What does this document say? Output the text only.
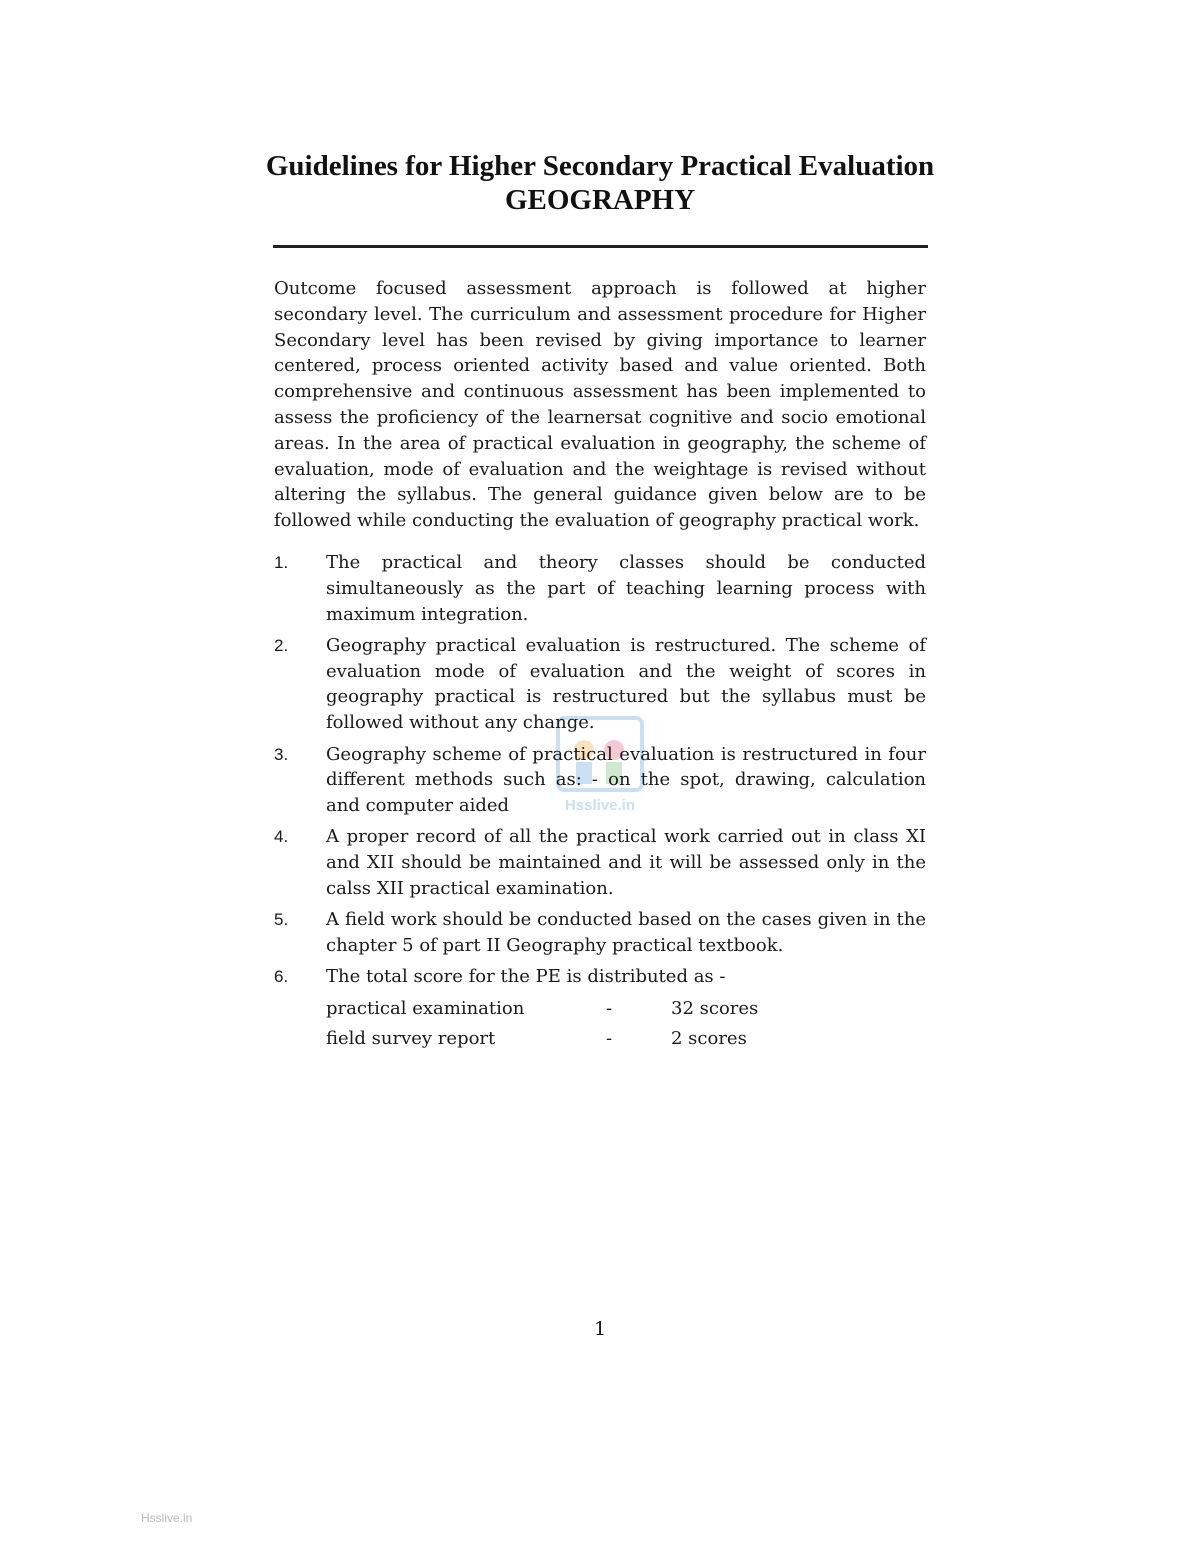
Guidelines for Higher Secondary Practical Evaluation
GEOGRAPHY
Outcome focused assessment approach is followed at higher secondary level. The curriculum and assessment procedure for Higher Secondary level has been revised by giving importance to learner centered, process oriented activity based and value oriented. Both comprehensive and continuous assessment has been implemented to assess the proficiency of the learnersat cognitive and socio emotional areas. In the area of practical evaluation in geography, the scheme of evaluation, mode of evaluation and the weightage is revised without altering the syllabus. The general guidance given below are to be followed while conducting the evaluation of geography practical work.
Hsslive.in
1. The practical and theory classes should be conducted simultaneously as the part of teaching learning process with maximum integration.
2. Geography practical evaluation is restructured. The scheme of evaluation mode of evaluation and the weight of scores in geography practical is restructured but the syllabus must be followed without any change.
3. Geography scheme of practical evaluation is restructured in four different methods such as: - on the spot, drawing, calculation and computer aided
4. A proper record of all the practical work carried out in class XI and XII should be maintained and it will be assessed only in the calss XII practical examination.
5. A field work should be conducted based on the cases given in the chapter 5 of part II Geography practical textbook.
6. The total score for the PE is distributed as -
practical examination	-	32 scores
field survey report	-	2 scores
1
Hsslive.in
